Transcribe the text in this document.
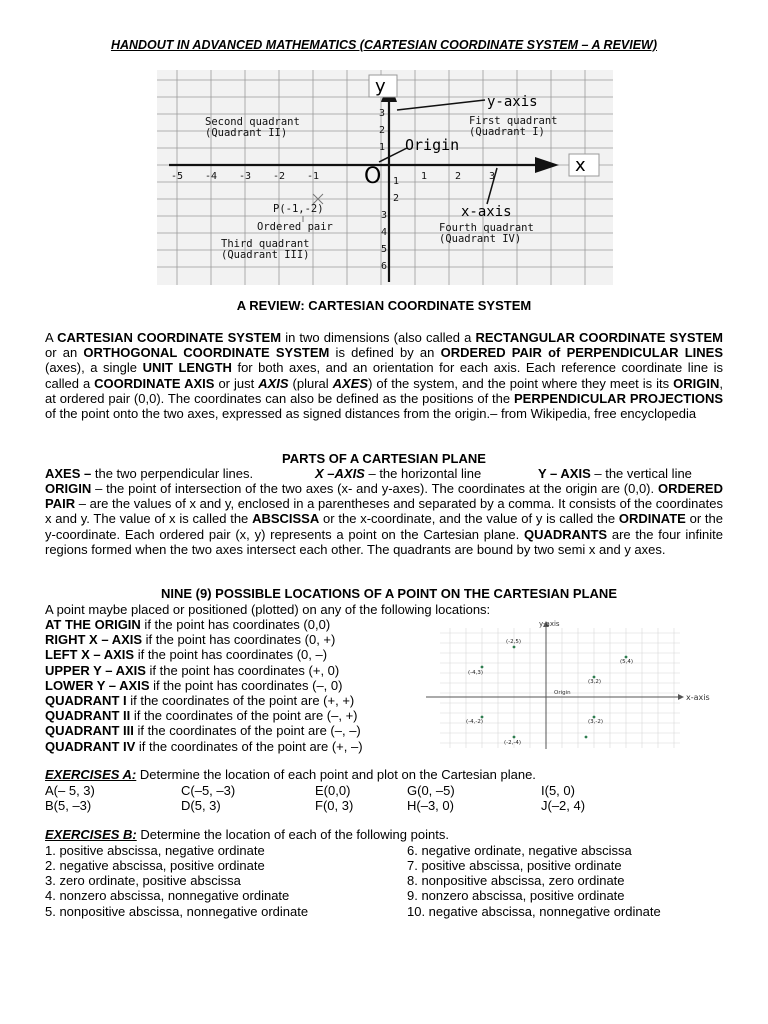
HANDOUT IN ADVANCED MATHEMATICS (CARTESIAN COORDINATE SYSTEM – A REVIEW)
x
y
O
Origin
y-axis
x-axis
Second quadrant
(Quadrant II)
First quadrant
(Quadrant I)
Third quadrant
(Quadrant III)
Fourth quadrant
(Quadrant IV)
P(-1,-2)
Ordered pair
-5 -4 -3 -2 -1	1	2	3
3
2
1
1
2
3
4
5
6
A REVIEW: CARTESIAN COORDINATE SYSTEM
A CARTESIAN COORDINATE SYSTEM in two dimensions (also called a RECTANGULAR COORDINATE SYSTEM or an ORTHOGONAL COORDINATE SYSTEM is defined by an ORDERED PAIR of PERPENDICULAR LINES (axes), a single UNIT LENGTH for both axes, and an orientation for each axis. Each reference coordinate line is called a COORDINATE AXIS or just AXIS (plural AXES) of the system, and the point where they meet is its ORIGIN, at ordered pair (0,0). The coordinates can also be defined as the positions of the PERPENDICULAR PROJECTIONS of the point onto the two axes, expressed as signed distances from the origin.– from Wikipedia, free encyclopedia
PARTS OF A CARTESIAN PLANE
AXES – the two perpendicular lines.	X –AXIS – the horizontal line	Y – AXIS – the vertical line
ORIGIN – the point of intersection of the two axes (x- and y-axes). The coordinates at the origin are (0,0). ORDERED PAIR – are the values of x and y, enclosed in a parentheses and separated by a comma. It consists of the coordinates x and y. The value of x is called the ABSCISSA or the x-coordinate, and the value of y is called the ORDINATE or the y-coordinate. Each ordered pair (x, y) represents a point on the Cartesian plane. QUADRANTS are the four infinite regions formed when the two axes intersect each other. The quadrants are bound by two semi x and y axes.
NINE (9) POSSIBLE LOCATIONS OF A POINT ON THE CARTESIAN PLANE
A point maybe placed or positioned (plotted) on any of the following locations:
AT THE ORIGIN if the point has coordinates (0,0)
RIGHT X – AXIS if the point has coordinates (0, +)
LEFT X – AXIS if the point has coordinates (0, –)
UPPER Y – AXIS if the point has coordinates (+, 0)
LOWER Y – AXIS if the point has coordinates (–, 0)
QUADRANT I if the coordinates of the point are (+, +)
QUADRANT II if the coordinates of the point are (–, +)
QUADRANT III if the coordinates of the point are (–, –)
QUADRANT IV if the coordinates of the point are (+, –)
y-axis
x-axis
Origin
(-2,5)
(-4,3)
(5,4)
(3,2)
(-4,-2)	(3,-2)
(-2,-4)
EXERCISES A: Determine the location of each point and plot on the Cartesian plane.
A(– 5, 3)	C(–5, –3)	E(0,0)	G(0, –5)	I(5, 0)
B(5, –3)	D(5, 3)	F(0, 3)	H(–3, 0)	J(–2, 4)
EXERCISES B: Determine the location of each of the following points.
1. positive abscissa, negative ordinate
2. negative abscissa, positive ordinate
3. zero ordinate, positive abscissa
4. nonzero abscissa, nonnegative ordinate
5. nonpositive abscissa, nonnegative ordinate
6. negative ordinate, negative abscissa
7. positive abscissa, positive ordinate
8. nonpositive abscissa, zero ordinate
9. nonzero abscissa, positive ordinate
10. negative abscissa, nonnegative ordinate
